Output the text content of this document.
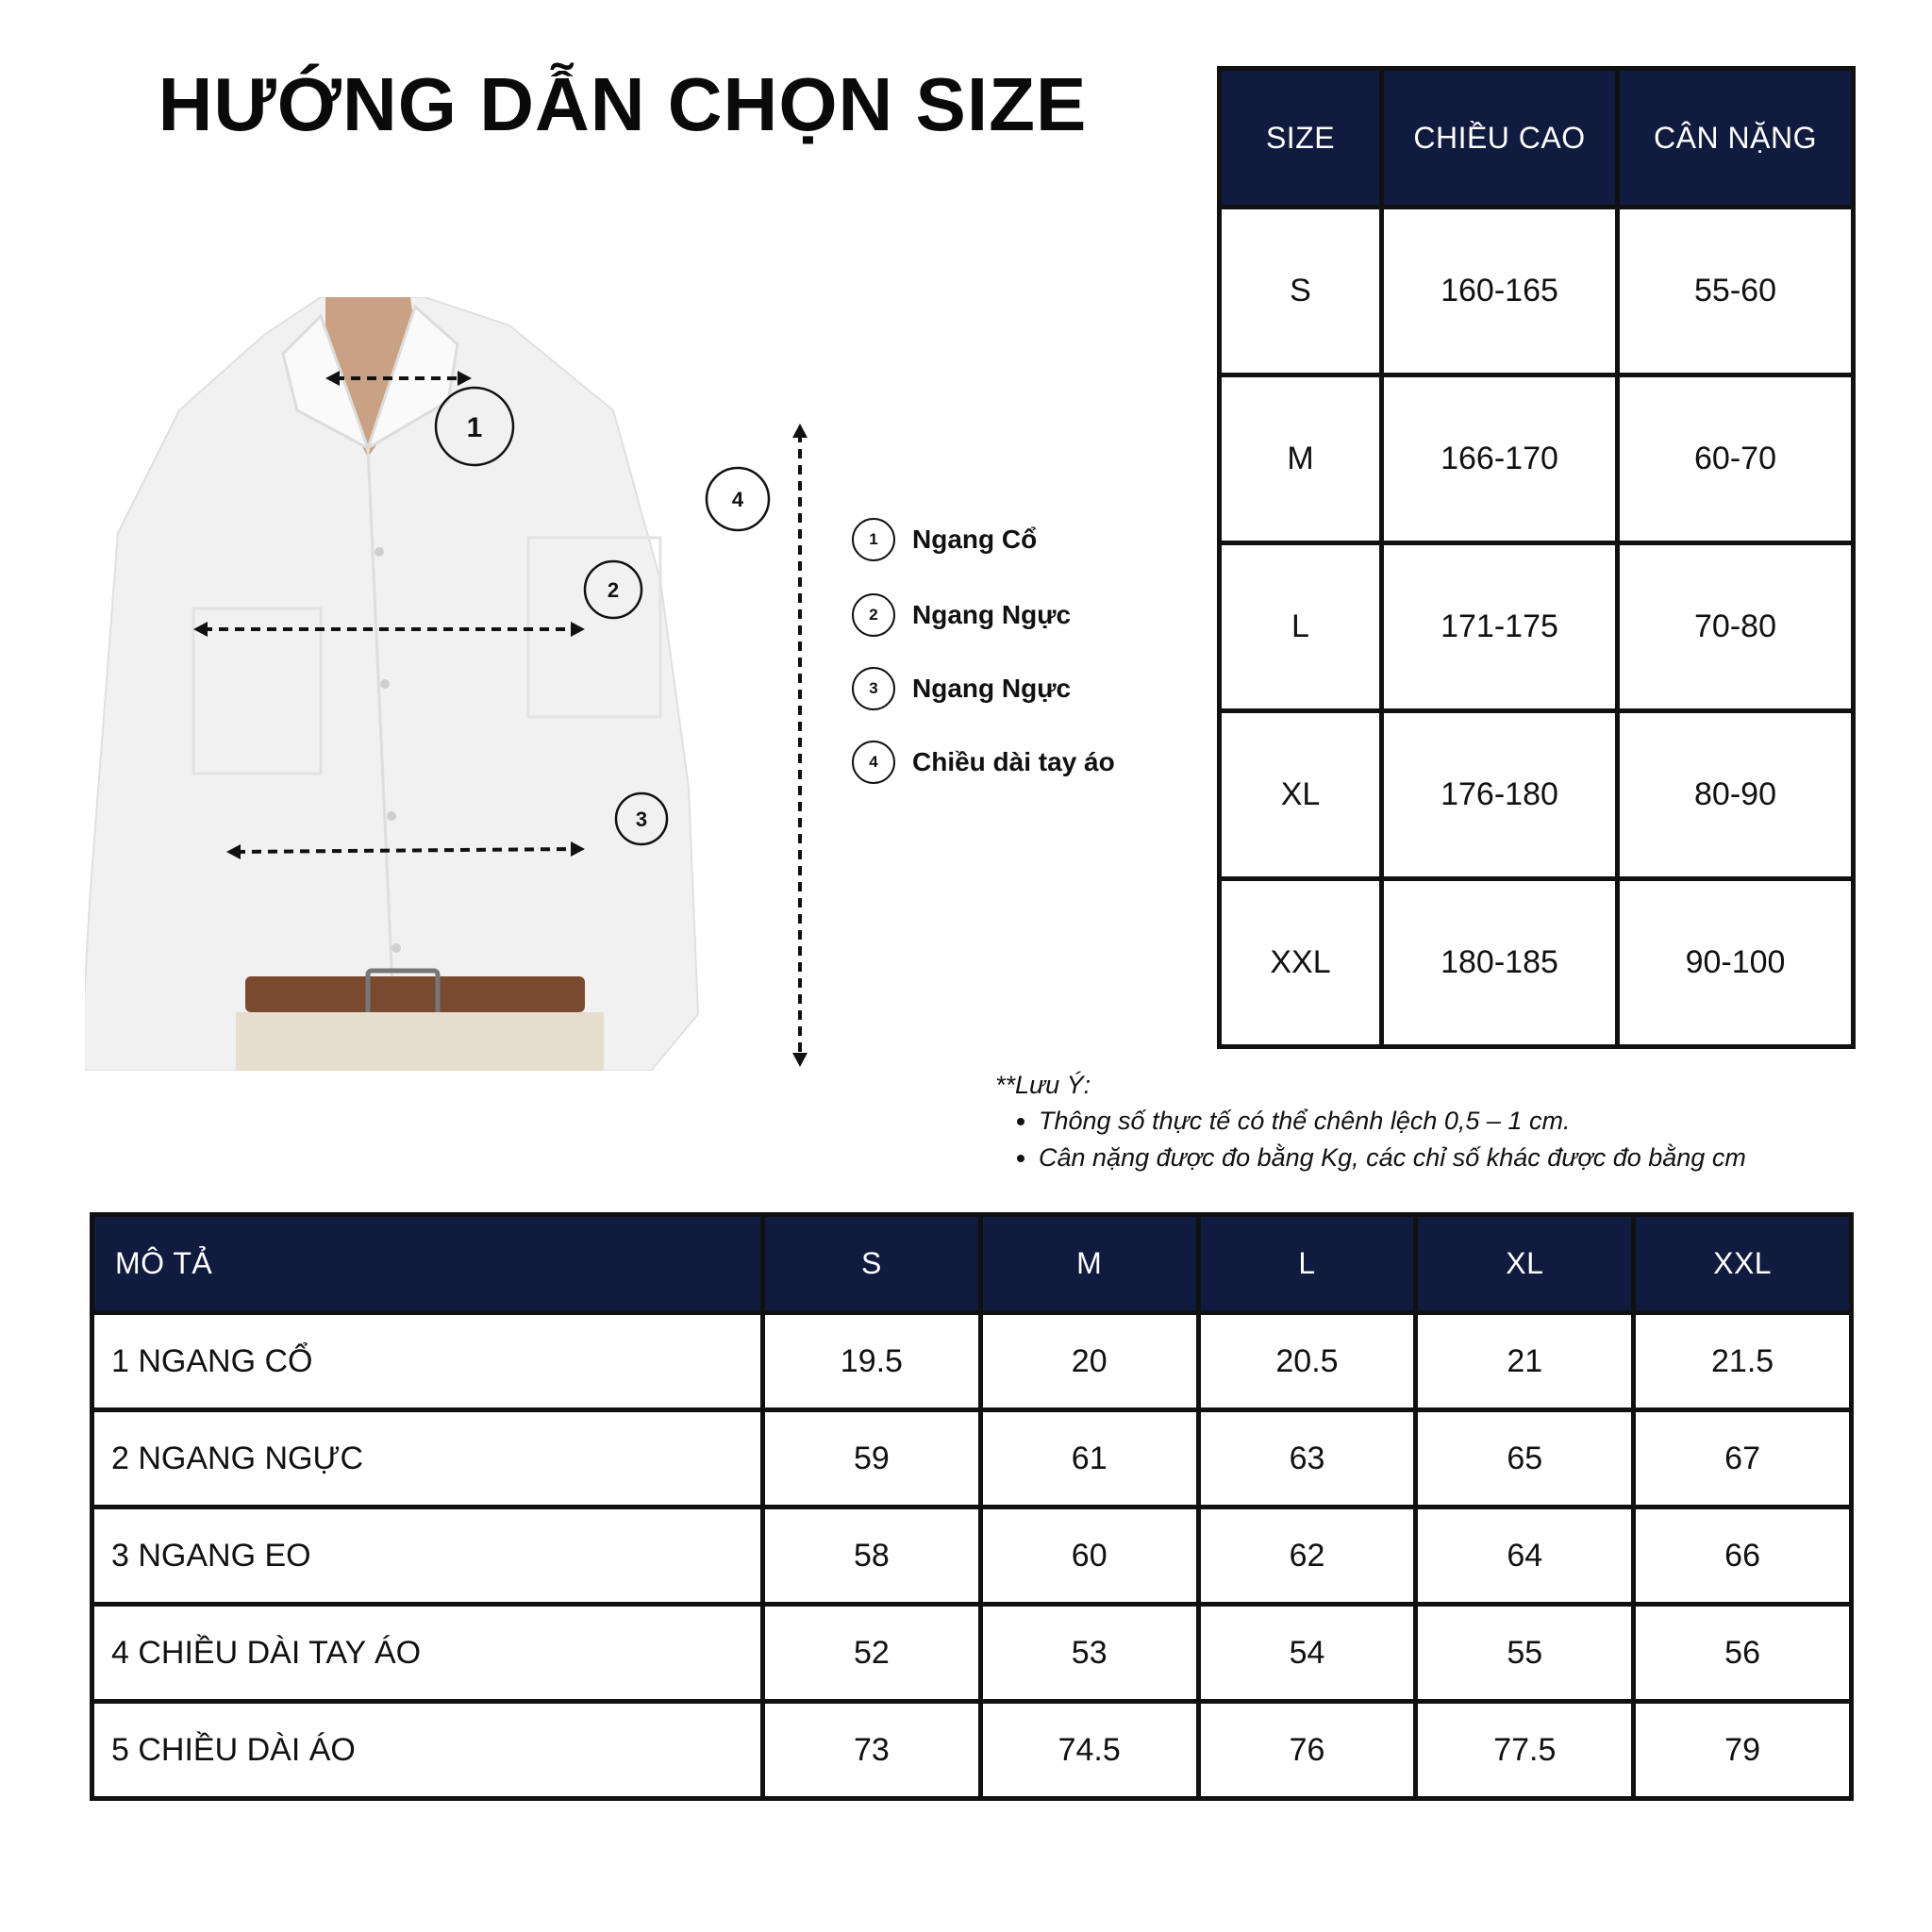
HƯỚNG DẪN CHỌN SIZE
1
2
3
4
1	Ngang Cổ
2	Ngang Ngực
3	Ngang Ngực
4	Chiều dài tay áo
SIZE	CHIỀU CAO	CÂN NẶNG
S	160-165	55-60
M	166-170	60-70
L	171-175	70-80
XL	176-180	80-90
XXL	180-185	90-100

**Lưu Ý:

• Thông số thực tế có thể chênh lệch 0,5 – 1 cm.
• Cân nặng được đo bằng Kg, các chỉ số khác được đo bằng cm
MÔ TẢ	S	M	L	XL	XXL
1 NGANG CỔ	19.5	20	20.5	21	21.5
2 NGANG NGỰC	59	61	63	65	67
3 NGANG EO	58	60	62	64	66
4 CHIỀU DÀI TAY ÁO	52	53	54	55	56
5 CHIỀU DÀI ÁO	73	74.5	76	77.5	79
